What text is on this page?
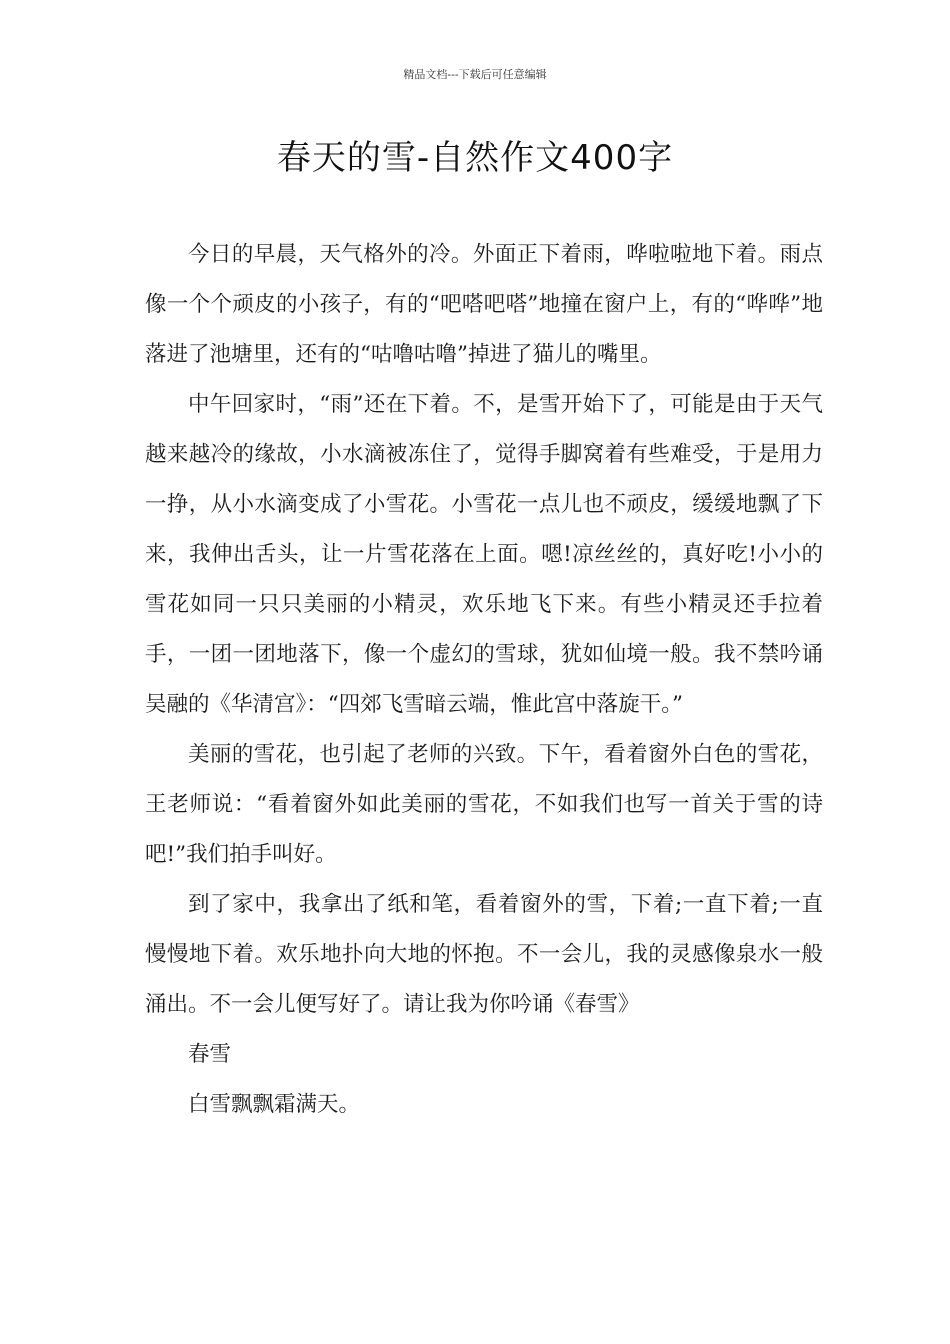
精品文档---下载后可任意编辑
春天的雪-自然作文400字

今日的早晨，天气格外的冷。外面正下着雨，哗啦啦地下着。雨点像一个个顽皮的小孩子，有的“吧嗒吧嗒”地撞在窗户上，有的“哗哗”地落进了池塘里，还有的“咕噜咕噜”掉进了猫儿的嘴里。

中午回家时，“雨”还在下着。不，是雪开始下了，可能是由于天气越来越冷的缘故，小水滴被冻住了，觉得手脚窝着有些难受，于是用力一挣，从小水滴变成了小雪花。小雪花一点儿也不顽皮，缓缓地飘了下来，我伸出舌头，让一片雪花落在上面。嗯!凉丝丝的，真好吃!小小的雪花如同一只只美丽的小精灵，欢乐地飞下来。有些小精灵还手拉着手，一团一团地落下，像一个虚幻的雪球，犹如仙境一般。我不禁吟诵吴融的《华清宫》：“四郊飞雪暗云端，惟此宫中落旋干。”

美丽的雪花，也引起了老师的兴致。下午，看着窗外白色的雪花，王老师说：“看着窗外如此美丽的雪花，不如我们也写一首关于雪的诗吧!”我们拍手叫好。

到了家中，我拿出了纸和笔，看着窗外的雪，下着;一直下着;一直慢慢地下着。欢乐地扑向大地的怀抱。不一会儿，我的灵感像泉水一般涌出。不一会儿便写好了。请让我为你吟诵《春雪》

春雪

白雪飘飘霜满天。
